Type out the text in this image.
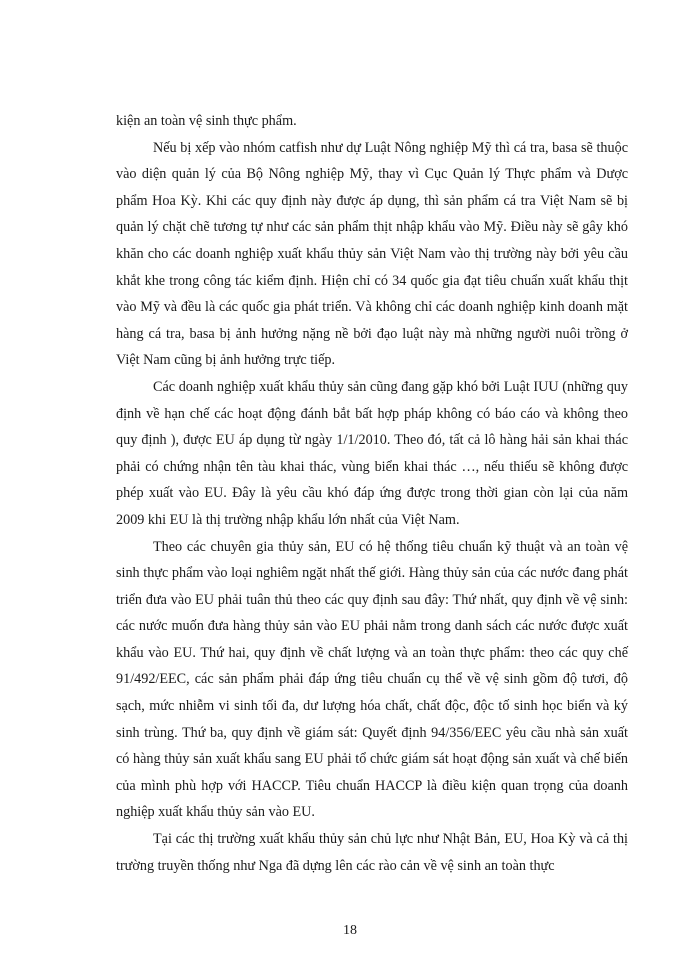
kiện an toàn vệ sinh thực phẩm.

Nếu bị xếp vào nhóm catfish như dự Luật Nông nghiệp Mỹ thì cá tra, basa sẽ thuộc vào diện quản lý của Bộ Nông nghiệp Mỹ, thay vì Cục Quản lý Thực phẩm và Dược phẩm Hoa Kỳ. Khi các quy định này được áp dụng, thì sản phẩm cá tra Việt Nam sẽ bị quản lý chặt chẽ tương tự như các sản phẩm thịt nhập khẩu vào Mỹ. Điều này sẽ gây khó khăn cho các doanh nghiệp xuất khẩu thủy sản Việt Nam vào thị trường này bởi yêu cầu khắt khe trong công tác kiểm định. Hiện chỉ có 34 quốc gia đạt tiêu chuẩn xuất khẩu thịt vào Mỹ và đều là các quốc gia phát triển. Và không chỉ các doanh nghiệp kinh doanh mặt hàng cá tra, basa bị ảnh hưởng nặng nề bởi đạo luật này mà những người nuôi trồng ở Việt Nam cũng bị ảnh hưởng trực tiếp.

Các doanh nghiệp xuất khẩu thủy sản cũng đang gặp khó bởi Luật IUU (những quy định về hạn chế các hoạt động đánh bắt bất hợp pháp không có báo cáo và không theo quy định ), được EU áp dụng từ ngày 1/1/2010. Theo đó, tất cả lô hàng hải sản khai thác phải có chứng nhận tên tàu khai thác, vùng biển khai thác …, nếu thiếu sẽ không được phép xuất vào EU. Đây là yêu cầu khó đáp ứng được trong thời gian còn lại của năm 2009 khi EU là thị trường nhập khẩu lớn nhất của Việt Nam.

Theo các chuyên gia thủy sản, EU có hệ thống tiêu chuẩn kỹ thuật và an toàn vệ sinh thực phẩm vào loại nghiêm ngặt nhất thế giới. Hàng thủy sản của các nước đang phát triển đưa vào EU phải tuân thủ theo các quy định sau đây: Thứ nhất, quy định về vệ sinh: các nước muốn đưa hàng thủy sản vào EU phải nằm trong danh sách các nước được xuất khẩu vào EU. Thứ hai, quy định về chất lượng và an toàn thực phẩm: theo các quy chế 91/492/EEC, các sản phẩm phải đáp ứng tiêu chuẩn cụ thể về vệ sinh gồm độ tươi, độ sạch, mức nhiễm vi sinh tối đa, dư lượng hóa chất, chất độc, độc tố sinh học biển và ký sinh trùng. Thứ ba, quy định về giám sát: Quyết định 94/356/EEC yêu cầu nhà sản xuất có hàng thủy sản xuất khẩu sang EU phải tổ chức giám sát hoạt động sản xuất và chế biến của mình phù hợp với HACCP. Tiêu chuẩn HACCP là điều kiện quan trọng của doanh nghiệp xuất khẩu thủy sản vào EU.

Tại các thị trường xuất khẩu thủy sản chủ lực như Nhật Bản, EU, Hoa Kỳ và cả thị trường truyền thống như Nga đã dựng lên các rào cản về vệ sinh an toàn thực

18
